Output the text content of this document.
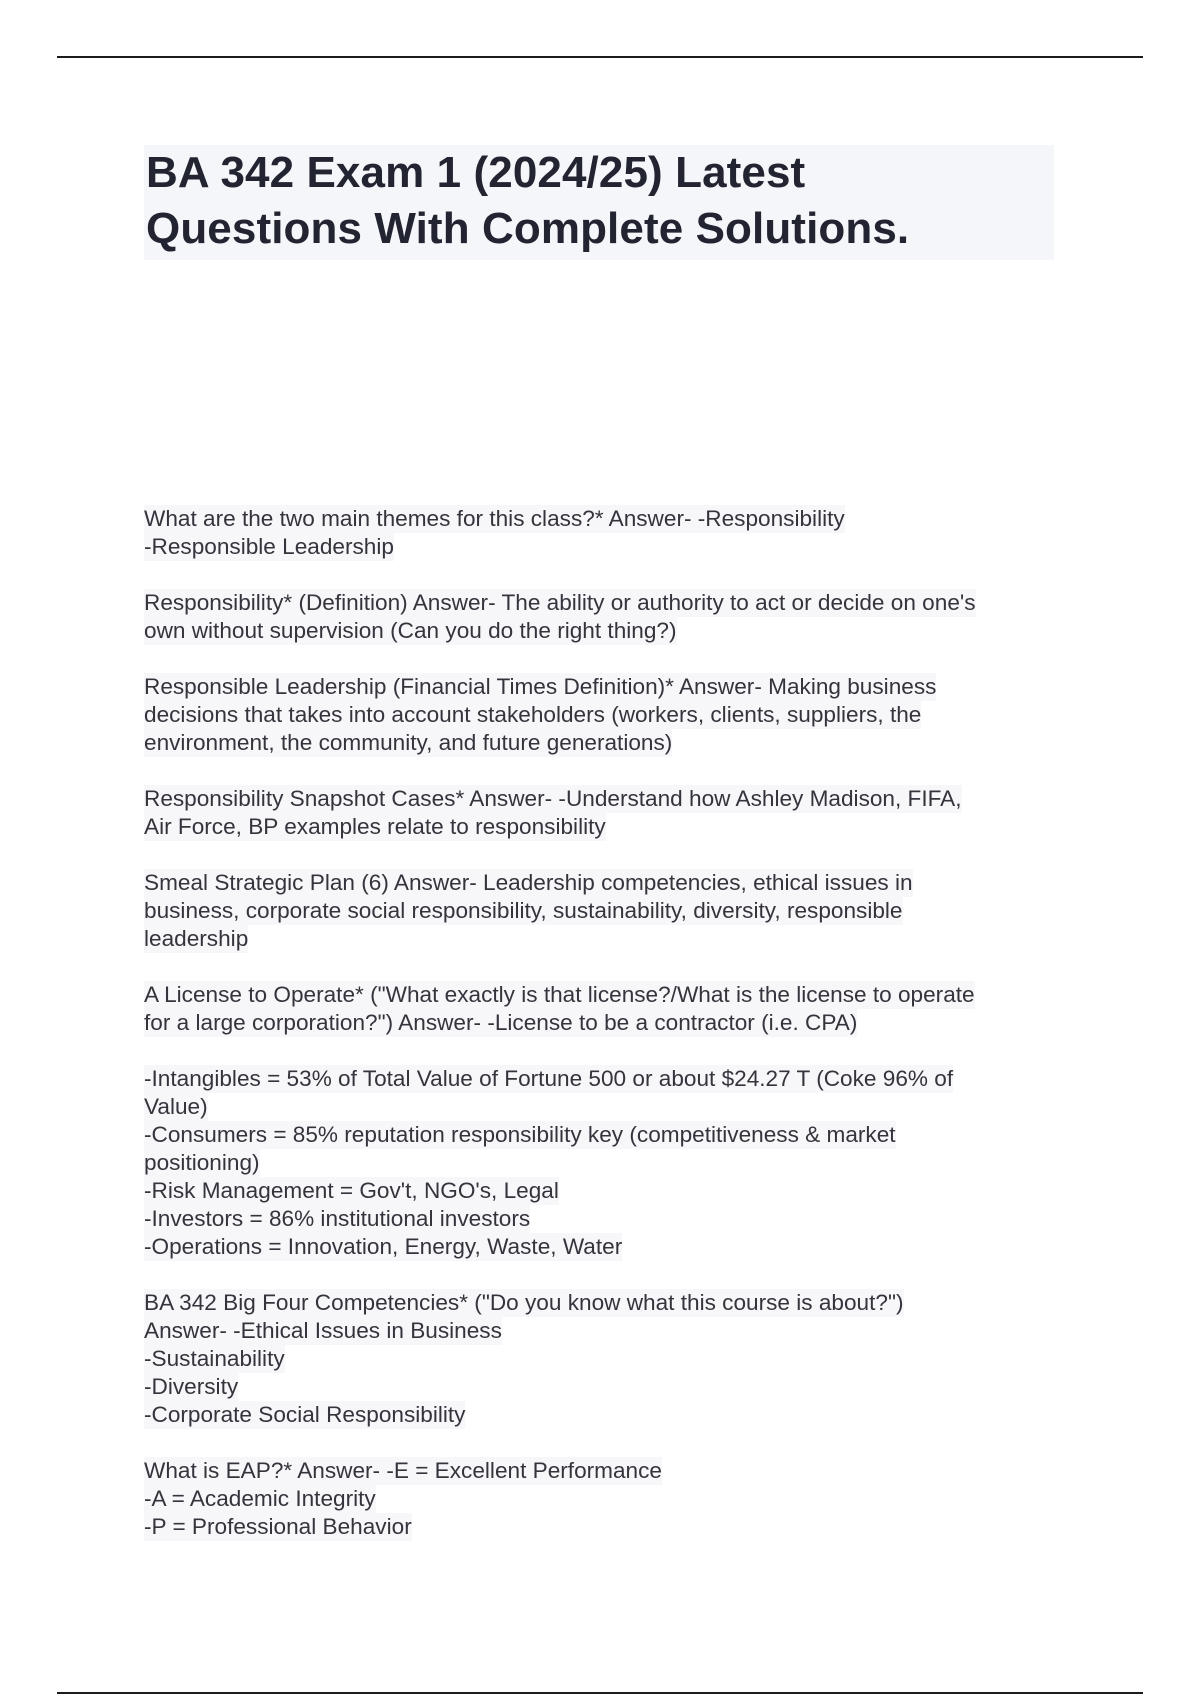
BA 342 Exam 1 (2024/25) Latest
Questions With Complete Solutions.
What are the two main themes for this class?* Answer- -Responsibility
-Responsible Leadership
Responsibility* (Definition) Answer- The ability or authority to act or decide on one's
own without supervision (Can you do the right thing?)
Responsible Leadership (Financial Times Definition)* Answer- Making business
decisions that takes into account stakeholders (workers, clients, suppliers, the
environment, the community, and future generations)
Responsibility Snapshot Cases* Answer- -Understand how Ashley Madison, FIFA,
Air Force, BP examples relate to responsibility
Smeal Strategic Plan (6) Answer- Leadership competencies, ethical issues in
business, corporate social responsibility, sustainability, diversity, responsible
leadership
A License to Operate* ("What exactly is that license?/What is the license to operate
for a large corporation?") Answer- -License to be a contractor (i.e. CPA)
-Intangibles = 53% of Total Value of Fortune 500 or about $24.27 T (Coke 96% of
Value)
-Consumers = 85% reputation responsibility key (competitiveness & market
positioning)
-Risk Management = Gov't, NGO's, Legal
-Investors = 86% institutional investors
-Operations = Innovation, Energy, Waste, Water
BA 342 Big Four Competencies* ("Do you know what this course is about?")
Answer- -Ethical Issues in Business
-Sustainability
-Diversity
-Corporate Social Responsibility
What is EAP?* Answer- -E = Excellent Performance
-A = Academic Integrity
-P = Professional Behavior
